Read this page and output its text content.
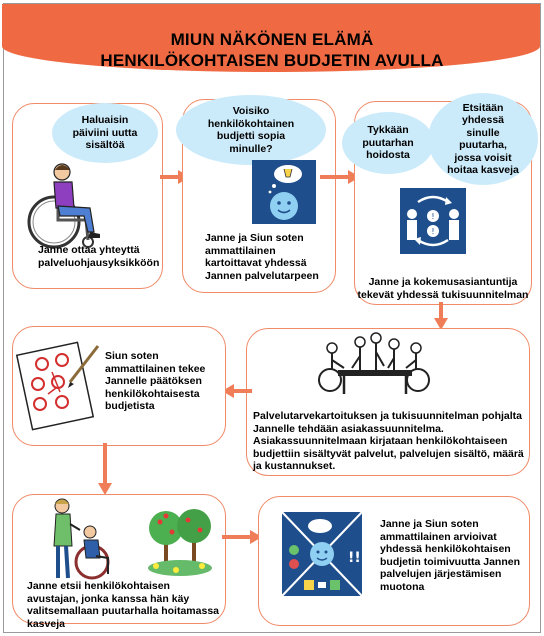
MIUN NÄKÖNEN ELÄMÄ
HENKILÖKOHTAISEN BUDJETIN AVULLA
Haluaisin päiviini uutta sisältöä
Janne ottaa yhteyttä palveluohjausyksikköön
Voisiko henkilökohtainen budjetti sopia minulle?
Janne ja Siun soten ammattilainen kartoittavat yhdessä Jannen palvelutarpeen
Tykkään puutarhan hoidosta
Etsitään yhdessä sinulle puutarha, jossa voisit hoitaa kasveja
!
!
Janne ja kokemusasiantuntija tekevät yhdessä tukisuunnitelman
Palvelutarvekartoituksen ja tukisuunnitelman pohjalta Jannelle tehdään asiakassuunnitelma. Asiakassuunnitelmaan kirjataan henkilökohtaiseen budjettiin sisältyvät palvelut, palvelujen sisältö, määrä ja kustannukset.
Siun soten ammattilainen tekee Jannelle päätöksen henkilökohtaisesta budjetista
Janne etsii henkilökohtaisen avustajan, jonka kanssa hän käy valitsemallaan puutarhalla hoitamassa kasveja
!!
Janne ja Siun soten ammattilainen arvioivat yhdessä henkilökohtaisen budjetin toimivuutta Jannen palvelujen järjestämisen muotona
